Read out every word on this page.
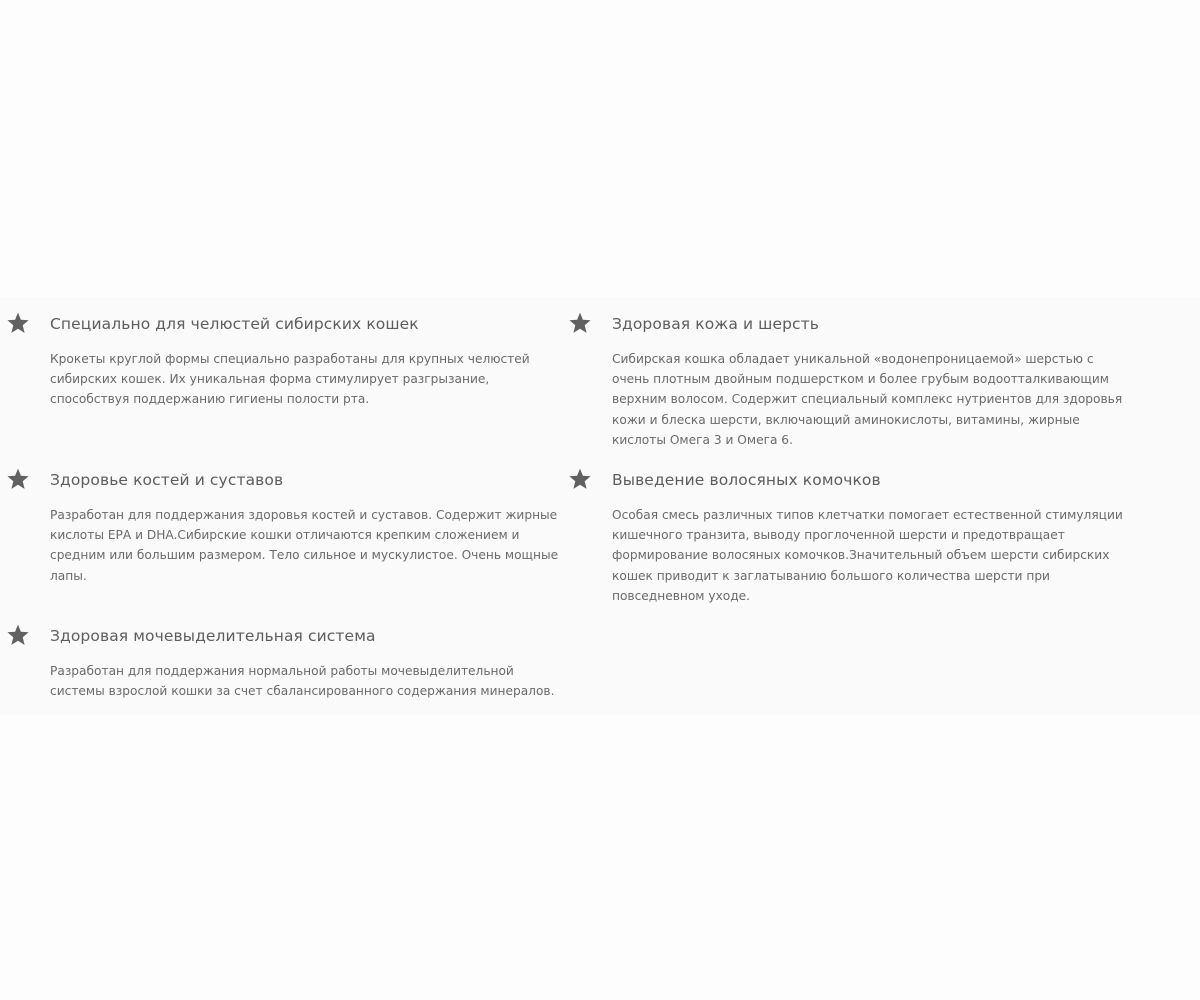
Специально для челюстей сибирских кошек

Крокеты круглой формы специально разработаны для крупных челюстей сибирских кошек. Их уникальная форма стимулирует разгрызание, способствуя поддержанию гигиены полости рта.

Здоровая кожа и шерсть

Сибирская кошка обладает уникальной «водонепроницаемой» шерстью с очень плотным двойным подшерстком и более грубым водоотталкивающим верхним волосом. Содержит специальный комплекс нутриентов для здоровья кожи и блеска шерсти, включающий аминокислоты, витамины, жирные кислоты Омега 3 и Омега 6.

Здоровье костей и суставов

Разработан для поддержания здоровья костей и суставов. Содержит жирные кислоты ЕРА и DHA.Сибирские кошки отличаются крепким сложением и средним или большим размером. Тело сильное и мускулистое. Очень мощные лапы.

Выведение волосяных комочков

Особая смесь различных типов клетчатки помогает естественной стимуляции кишечного транзита, выводу проглоченной шерсти и предотвращает формирование волосяных комочков.Значительный объем шерсти сибирских кошек приводит к заглатыванию большого количества шерсти при повседневном уходе.

Здоровая мочевыделительная система

Разработан для поддержания нормальной работы мочевыделительной системы взрослой кошки за счет сбалансированного содержания минералов.
